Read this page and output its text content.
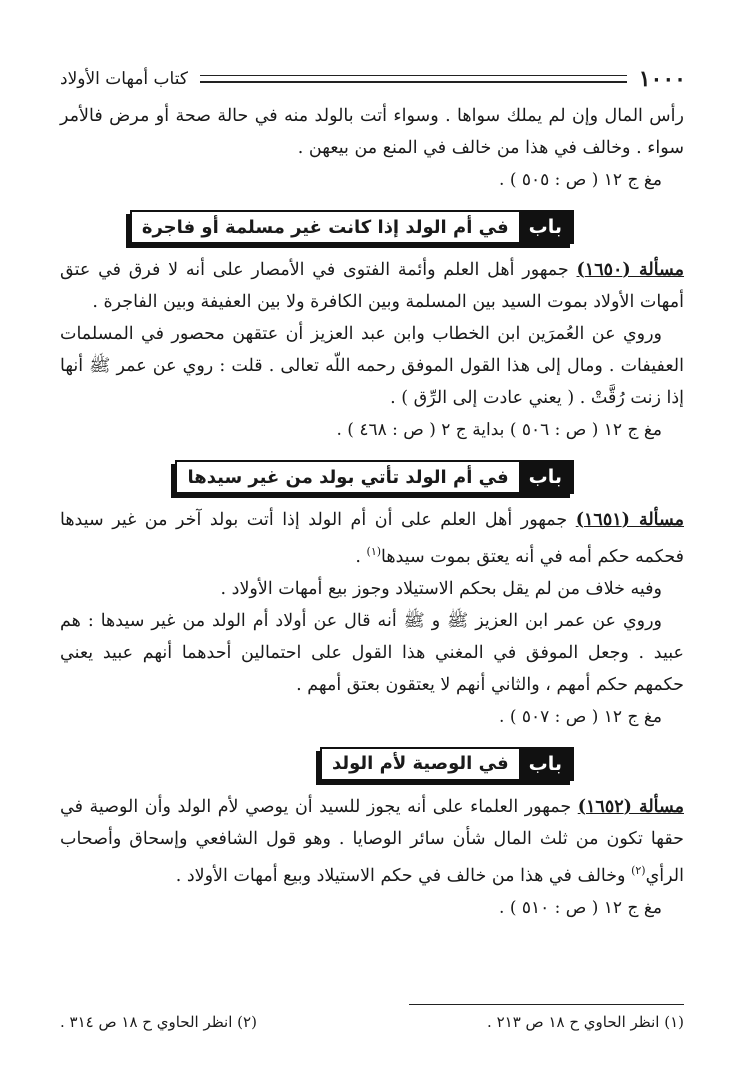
١٠٠٠
كتاب أمهات الأولاد

رأس المال وإن لم يملك سواها . وسواء أتت بالولد منه في حالة صحة أو مرض فالأمر سواء . وخالف في هذا من خالف في المنع من بيعهن .

مغ ج ١٢ ( ص : ٥٠٥ ) .
باب
في أم الولد إذا كانت غير مسلمة أو فاجرة

مسألة (١٦٥٠) جمهور أهل العلم وأئمة الفتوى في الأمصار على أنه لا فرق في عتق أمهات الأولاد بموت السيد بين المسلمة وبين الكافرة ولا بين العفيفة وبين الفاجرة .

وروي عن العُمرَين ابن الخطاب وابن عبد العزيز أن عتقهن محصور في المسلمات العفيفات . ومال إلى هذا القول الموفق رحمه اللّه تعالى . قلت : روي عن عمر ﷺ أنها إذا زنت رُقَّتْ . ( يعني عادت إلى الرِّق ) .

مغ ج ١٢ ( ص : ٥٠٦ ) بداية ج ٢ ( ص : ٤٦٨ ) .
باب
في أم الولد تأتي بولد من غير سيدها

مسألة (١٦٥١) جمهور أهل العلم على أن أم الولد إذا أتت بولد آخر من غير سيدها فحكمه حكم أمه في أنه يعتق بموت سيدها$^{(١)}$ .

وفيه خلاف من لم يقل بحكم الاستيلاد وجوز بيع أمهات الأولاد .

وروي عن عمر ابن العزيز ﷺ و ﷺ أنه قال عن أولاد أم الولد من غير سيدها : هم عبيد . وجعل الموفق في المغني هذا القول على احتمالين أحدهما أنهم عبيد يعني حكمهم حكم أمهم ، والثاني أنهم لا يعتقون بعتق أمهم .

مغ ج ١٢ ( ص : ٥٠٧ ) .
باب
في الوصية لأم الولد

مسألة (١٦٥٢) جمهور العلماء على أنه يجوز للسيد أن يوصي لأم الولد وأن الوصية في حقها تكون من ثلث المال شأن سائر الوصايا . وهو قول الشافعي وإسحاق وأصحاب الرأي$^{(٢)}$ وخالف في هذا من خالف في حكم الاستيلاد وبيع أمهات الأولاد .

مغ ج ١٢ ( ص : ٥١٠ ) .
(١) انظر الحاوي ح ١٨ ص ٢١٣ .
(٢) انظر الحاوي ح ١٨ ص ٣١٤ .
